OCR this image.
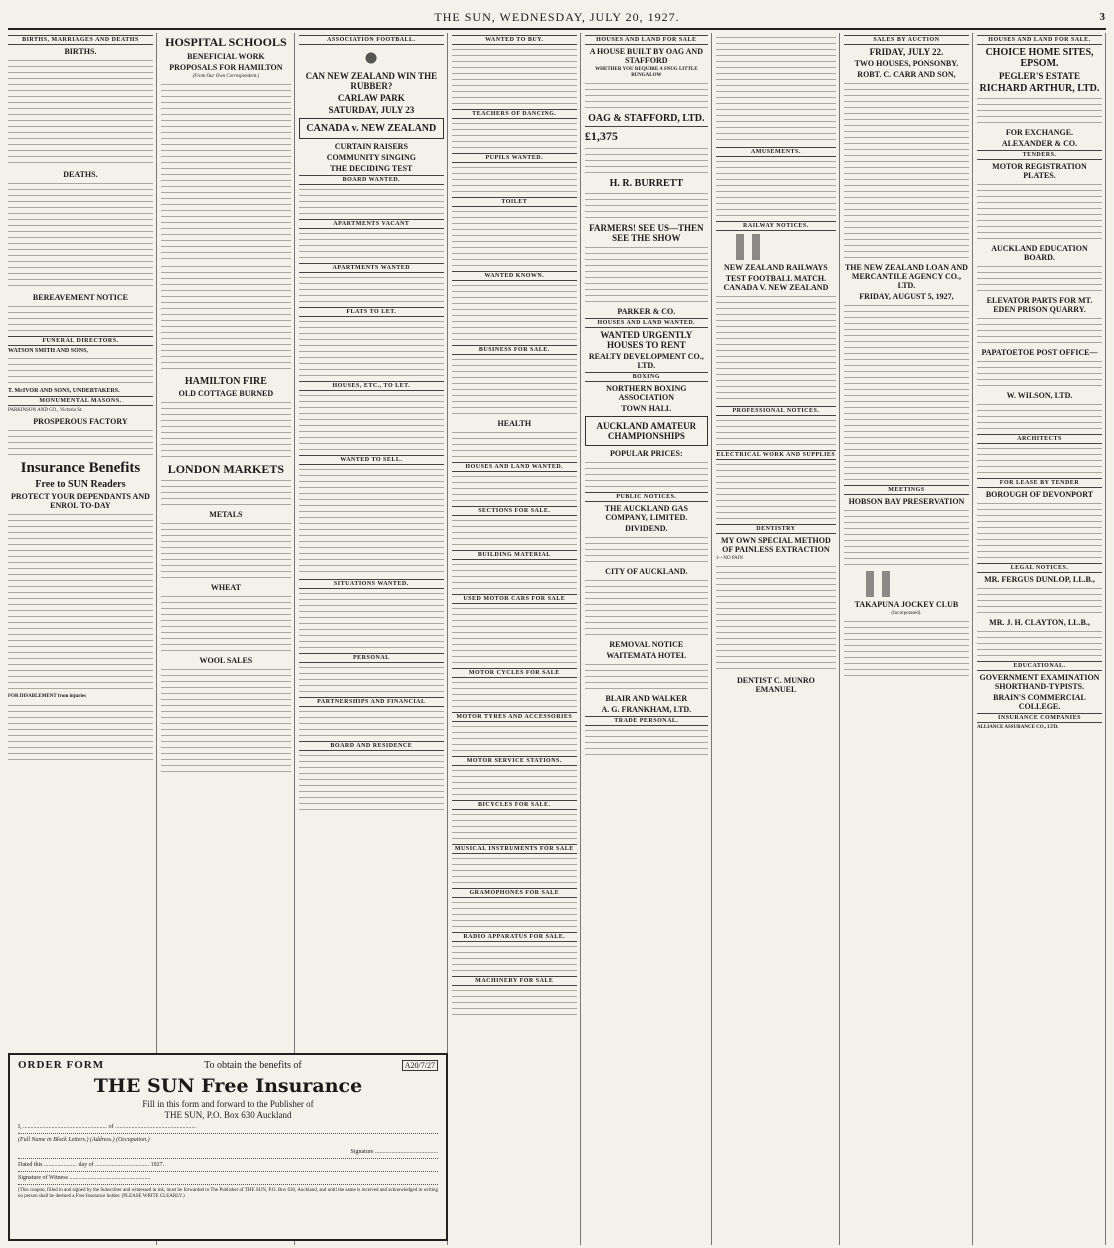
THE SUN, WEDNESDAY, JULY 20, 1927.	3
BIRTHS, MARRIAGES AND DEATHS
BIRTHS.
DEATHS.
BEREAVEMENT NOTICE
FUNERAL DIRECTORS.
WATSON SMITH AND SONS,
T. McIVOR AND SONS, UNDERTAKERS.
MONUMENTAL MASONS.
PARKINSON AND CO., Victoria St.
PROSPEROUS FACTORY
Insurance Benefits
Free to SUN Readers
PROTECT YOUR DEPENDANTS AND ENROL TO-DAY
FOR DISABLEMENT from injuries
HOSPITAL SCHOOLS
BENEFICIAL WORK
PROPOSALS FOR HAMILTON
(From Our Own Correspondent.)
HAMILTON FIRE
OLD COTTAGE BURNED
LONDON MARKETS
METALS
WHEAT
WOOL SALES
ASSOCIATION FOOTBALL.
CAN NEW ZEALAND WIN THE RUBBER?
CARLAW PARK
SATURDAY, JULY 23
CANADA v. NEW ZEALAND
CURTAIN RAISERS
COMMUNITY SINGING
THE DECIDING TEST
BOARD WANTED.
APARTMENTS VACANT
APARTMENTS WANTED
FLATS TO LET.
HOUSES, ETC., TO LET.
WANTED TO SELL.
SITUATIONS WANTED.
PERSONAL
PARTNERSHIPS AND FINANCIAL
BOARD AND RESIDENCE
WANTED TO BUY.
TEACHERS OF DANCING.
PUPILS WANTED.
TOILET
WANTED KNOWN.
BUSINESS FOR SALE.
HEALTH
HOUSES AND LAND WANTED.
SECTIONS FOR SALE.
BUILDING MATERIAL
USED MOTOR CARS FOR SALE
MOTOR CYCLES FOR SALE
MOTOR TYRES AND ACCESSORIES
MOTOR SERVICE STATIONS.
BICYCLES FOR SALE.
MUSICAL INSTRUMENTS FOR SALE
GRAMOPHONES FOR SALE
RADIO APPARATUS FOR SALE.
MACHINERY FOR SALE
HOUSES AND LAND FOR SALE
A HOUSE BUILT BY OAG AND STAFFORD
WHETHER YOU REQUIRE A SNUG LITTLE BUNGALOW
OAG & STAFFORD, LTD.
£1,375
H. R. BURRETT
FARMERS! SEE US—THEN SEE THE SHOW
PARKER & CO.
HOUSES AND LAND WANTED.
WANTED URGENTLY HOUSES TO RENT
REALTY DEVELOPMENT CO., LTD.
BOXING
NORTHERN BOXING ASSOCIATION
TOWN HALL
AUCKLAND AMATEUR CHAMPIONSHIPS
POPULAR PRICES:
PUBLIC NOTICES.
THE AUCKLAND GAS COMPANY, LIMITED.
DIVIDEND.
CITY OF AUCKLAND.
REMOVAL NOTICE
WAITEMATA HOTEL
BLAIR AND WALKER
A. G. FRANKHAM, LTD.
TRADE PERSONAL.
AMUSEMENTS.
RAILWAY NOTICES.
NEW ZEALAND RAILWAYS
TEST FOOTBALL MATCH. CANADA V. NEW ZEALAND
PROFESSIONAL NOTICES.
ELECTRICAL WORK AND SUPPLIES
DENTISTRY
MY OWN SPECIAL METHOD OF PAINLESS EXTRACTION
1—NO PAIN
DENTIST C. MUNRO EMANUEL
SALES BY AUCTION
FRIDAY, JULY 22.
TWO HOUSES, PONSONBY.
ROBT. C. CARR AND SON,
THE NEW ZEALAND LOAN AND MERCANTILE AGENCY CO., LTD.
FRIDAY, AUGUST 5, 1927,
MEETINGS
HOBSON BAY PRESERVATION
TAKAPUNA JOCKEY CLUB
(Incorporated).
HOUSES AND LAND FOR SALE.
CHOICE HOME SITES, EPSOM.
PEGLER'S ESTATE
RICHARD ARTHUR, LTD.
FOR EXCHANGE.
ALEXANDER & CO.
TENDERS.
MOTOR REGISTRATION PLATES.
AUCKLAND EDUCATION BOARD.
ELEVATOR PARTS FOR MT. EDEN PRISON QUARRY.
PAPATOETOE POST OFFICE—
W. WILSON, LTD.
ARCHITECTS
FOR LEASE BY TENDER
BOROUGH OF DEVONPORT
LEGAL NOTICES.
MR. FERGUS DUNLOP, LL.B.,
MR. J. H. CLAYTON, LL.B.,
EDUCATIONAL.
GOVERNMENT EXAMINATION SHORTHAND-TYPISTS.
BRAIN'S COMMERCIAL COLLEGE.
INSURANCE COMPANIES
ALLIANCE ASSURANCE CO., LTD.
ORDER FORM	To obtain the benefits of	A20/7/27
THE SUN Free Insurance
Fill in this form and forward to the Publisher of
THE SUN, P.O. Box 630 Auckland
I, ........................................................ of ......................................................
(Full Name in Block Letters.) (Address.) (Occupation.)
Signature ..........................................
Dated this ...................... day of .................................... 1927.
Signature of Witness ......................................................
(This coupon, filled in and signed by the Subscriber and witnessed in ink, must be forwarded to The Publisher of THE SUN, P.O. Box 630, Auckland, and until the same is received and acknowledged in writing no person shall be deemed a Free Insurance holder. (PLEASE WRITE CLEARLY.)
